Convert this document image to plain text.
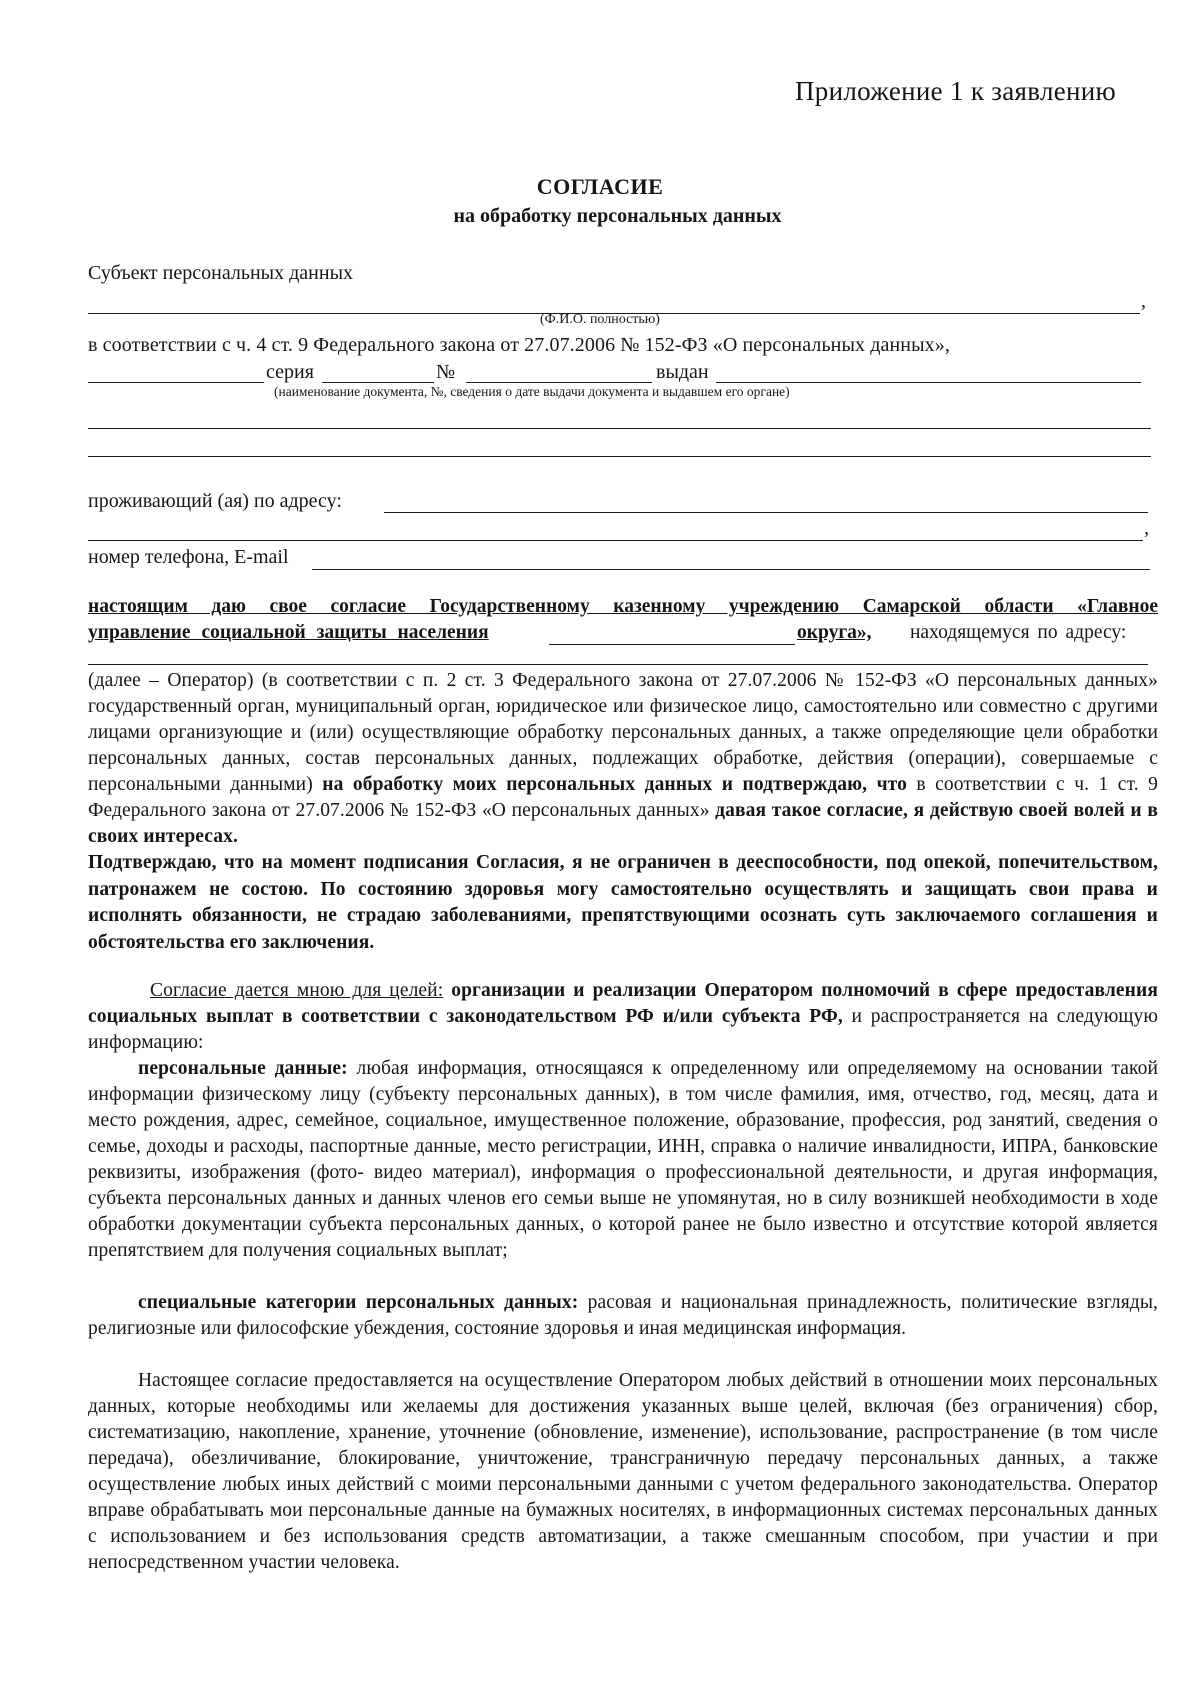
Приложение 1 к заявлению
СОГЛАСИЕ
на обработку персональных данных
Субъект персональных данных
,
(Ф.И.О. полностью)
в соответствии с ч. 4 ст. 9 Федерального закона от 27.07.2006 № 152-ФЗ «О персональных данных»,
серия	№	выдан
(наименование документа, №, сведения о дате выдачи документа и выдавшем его органе)
проживающий (ая) по адресу:
,
номер телефона, E-mail
настоящим даю свое согласие Государственному казенному учреждению Самарской области «Главное
управление социальной защиты населения	округа», находящемуся по адресу:
(далее – Оператор) (в соответствии с п. 2 ст. 3 Федерального закона от 27.07.2006 № 152-ФЗ «О персональных данных» государственный орган, муниципальный орган, юридическое или физическое лицо, самостоятельно или совместно с другими лицами организующие и (или) осуществляющие обработку персональных данных, а также определяющие цели обработки персональных данных, состав персональных данных, подлежащих обработке, действия (операции), совершаемые с персональными данными) на обработку моих персональных данных и подтверждаю, что в соответствии с ч. 1 ст. 9 Федерального закона от 27.07.2006 № 152-ФЗ «О персональных данных» давая такое согласие, я действую своей волей и в своих интересах.
Подтверждаю, что на момент подписания Согласия, я не ограничен в дееспособности, под опекой, попечительством, патронажем не состою. По состоянию здоровья могу самостоятельно осуществлять и защищать свои права и исполнять обязанности, не страдаю заболеваниями, препятствующими осознать суть заключаемого соглашения и обстоятельства его заключения.
Согласие дается мною для целей: организации и реализации Оператором полномочий в сфере предоставления социальных выплат в соответствии с законодательством РФ и/или субъекта РФ, и распространяется на следующую информацию:
персональные данные: любая информация, относящаяся к определенному или определяемому на основании такой информации физическому лицу (субъекту персональных данных), в том числе фамилия, имя, отчество, год, месяц, дата и место рождения, адрес, семейное, социальное, имущественное положение, образование, профессия, род занятий, сведения о семье, доходы и расходы, паспортные данные, место регистрации, ИНН, справка о наличие инвалидности, ИПРА, банковские реквизиты, изображения (фото- видео материал), информация о профессиональной деятельности, и другая информация, субъекта персональных данных и данных членов его семьи выше не упомянутая, но в силу возникшей необходимости в ходе обработки документации субъекта персональных данных, о которой ранее не было известно и отсутствие которой является препятствием для получения социальных выплат;
специальные категории персональных данных: расовая и национальная принадлежность, политические взгляды, религиозные или философские убеждения, состояние здоровья и иная медицинская информация.
Настоящее согласие предоставляется на осуществление Оператором любых действий в отношении моих персональных данных, которые необходимы или желаемы для достижения указанных выше целей, включая (без ограничения) сбор, систематизацию, накопление, хранение, уточнение (обновление, изменение), использование, распространение (в том числе передача), обезличивание, блокирование, уничтожение, трансграничную передачу персональных данных, а также осуществление любых иных действий с моими персональными данными с учетом федерального законодательства. Оператор вправе обрабатывать мои персональные данные на бумажных носителях, в информационных системах персональных данных с использованием и без использования средств автоматизации, а также смешанным способом, при участии и при непосредственном участии человека.
